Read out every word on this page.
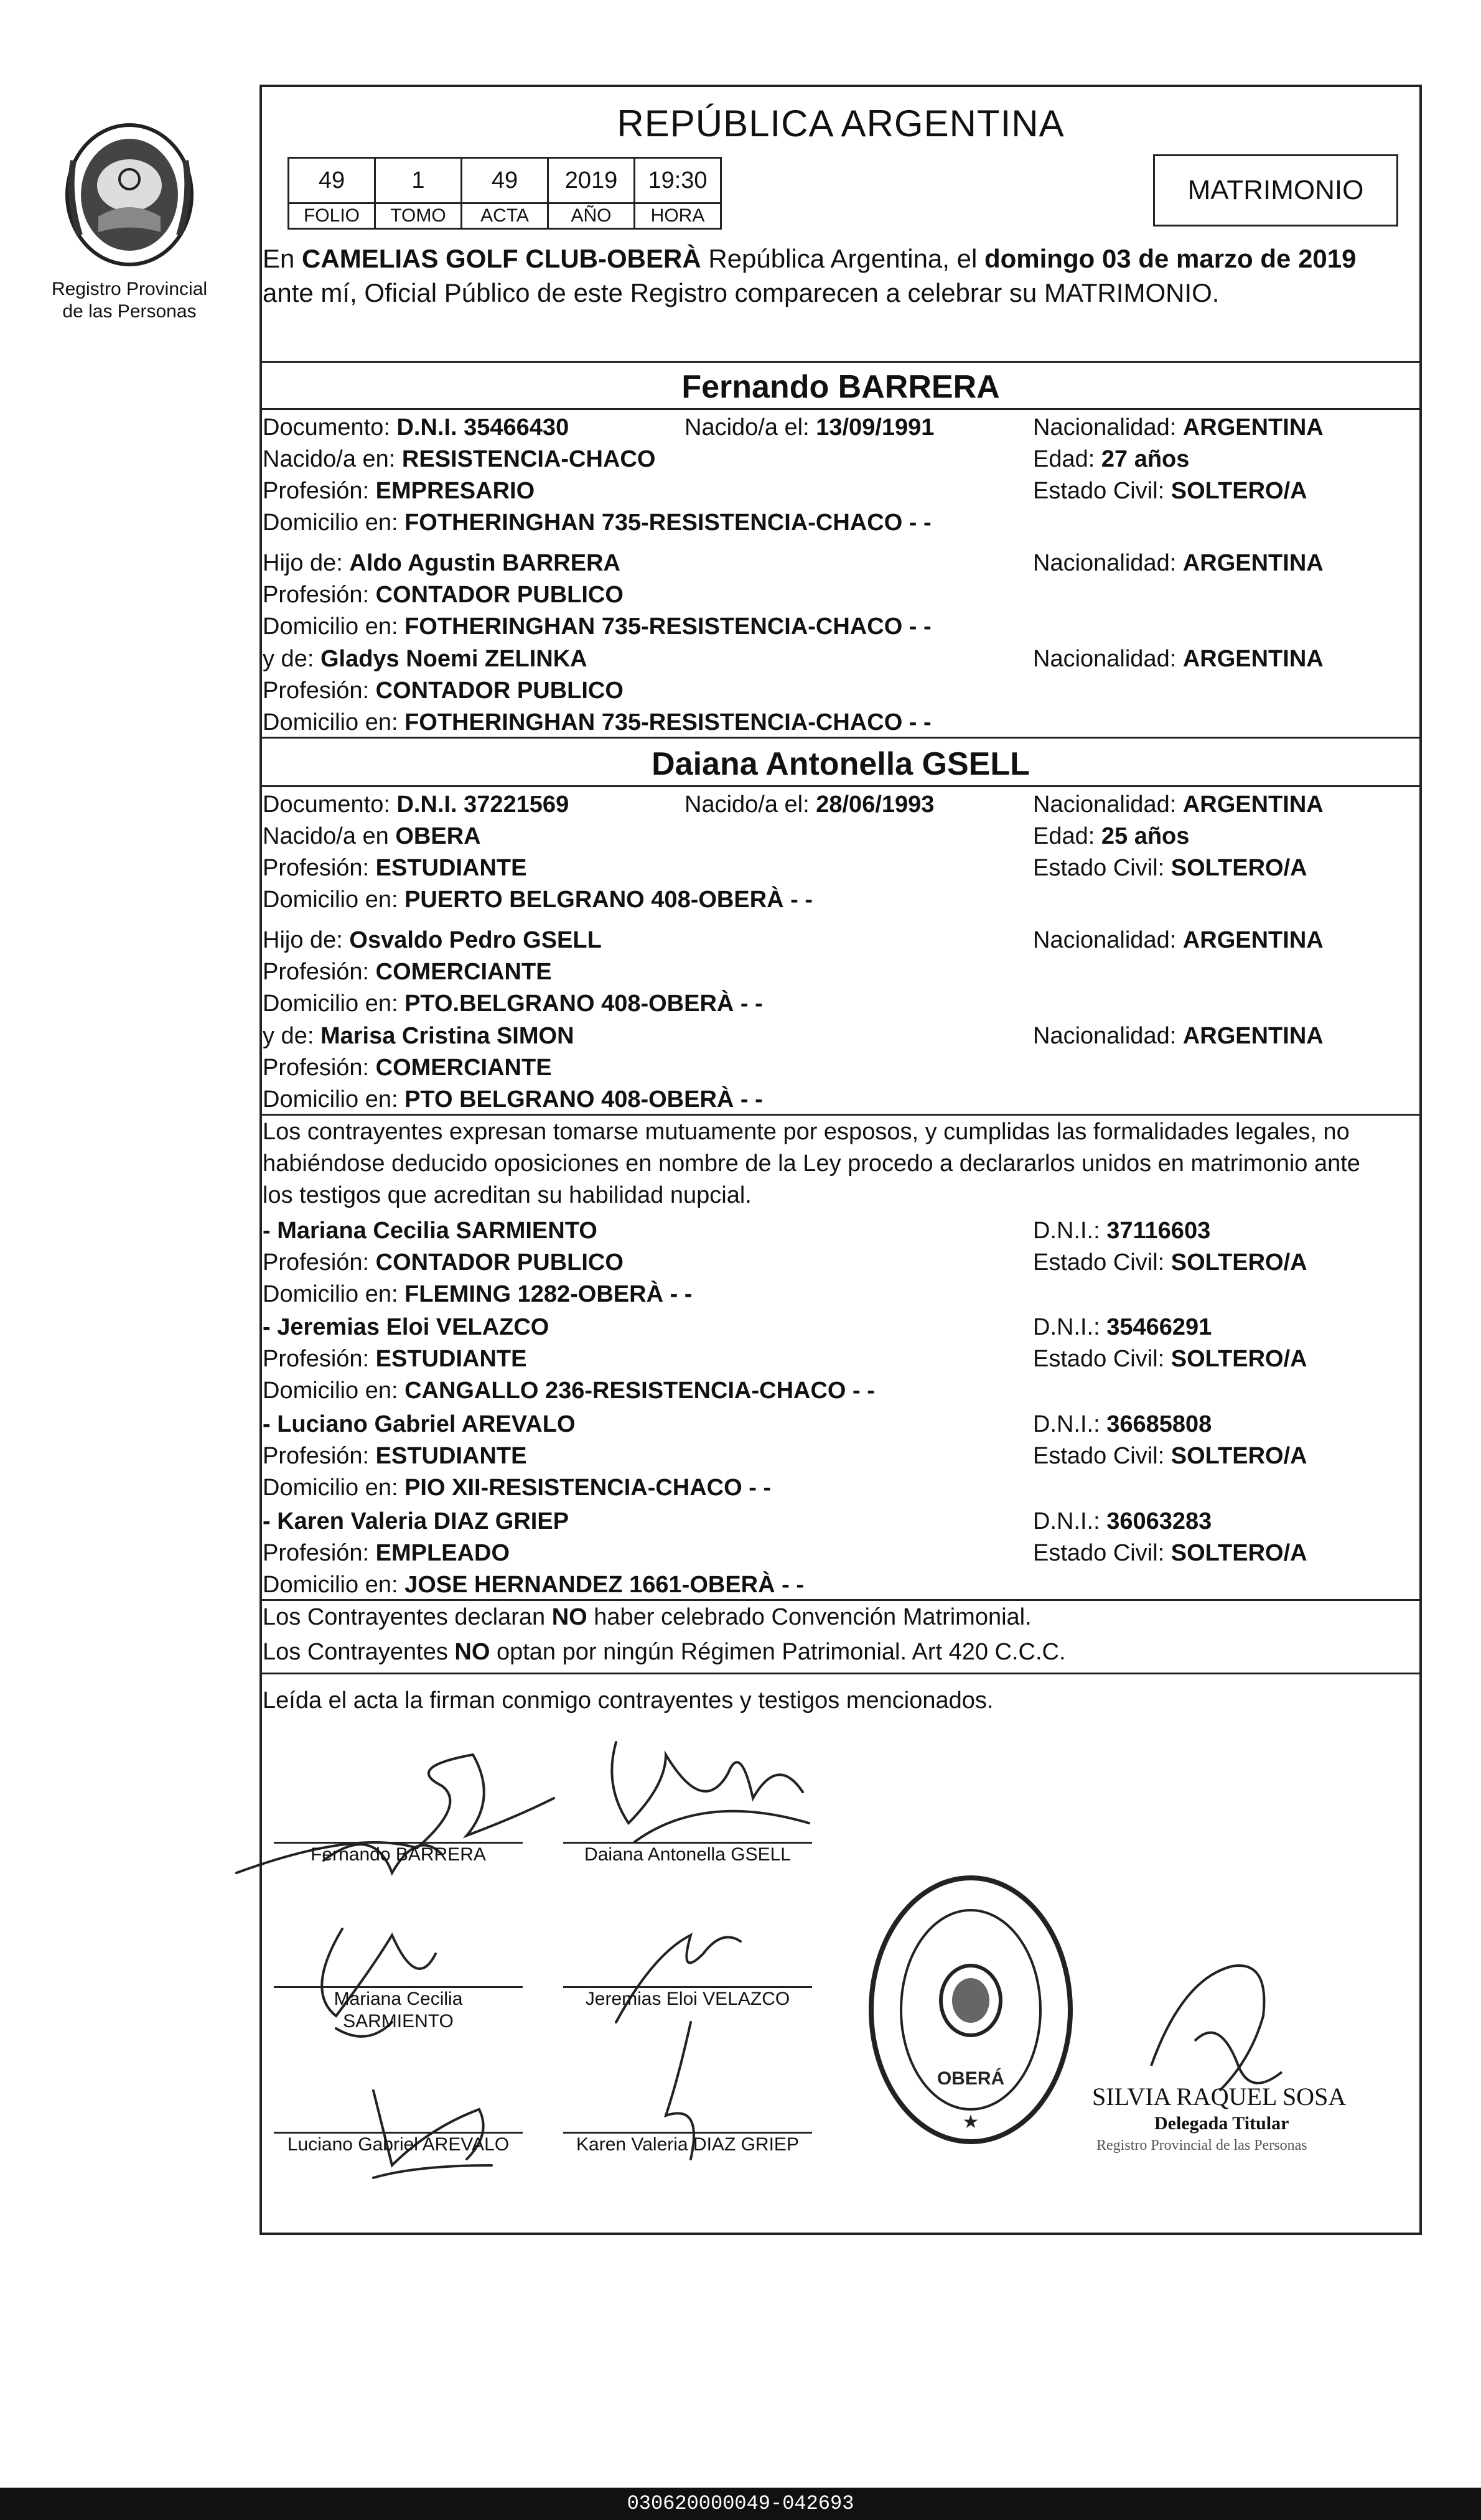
Registro Provincial
de las Personas
REPÚBLICA ARGENTINA
49	1	49	2019	19:30
FOLIO	TOMO	ACTA	AÑO	HORA
MATRIMONIO
En CAMELIAS GOLF CLUB-OBERÀ República Argentina, el domingo 03 de marzo de 2019
ante mí, Oficial Público de este Registro comparecen a celebrar su MATRIMONIO.
Fernando BARRERA
Documento: D.N.I. 35466430	Nacido/a el: 13/09/1991	Nacionalidad: ARGENTINA
Nacido/a en: RESISTENCIA-CHACO	Edad: 27 años
Profesión: EMPRESARIO	Estado Civil: SOLTERO/A
Domicilio en: FOTHERINGHAN 735-RESISTENCIA-CHACO - -
Hijo de: Aldo Agustin BARRERA	Nacionalidad: ARGENTINA
Profesión: CONTADOR PUBLICO
Domicilio en: FOTHERINGHAN 735-RESISTENCIA-CHACO - -
y de: Gladys Noemi ZELINKA	Nacionalidad: ARGENTINA
Profesión: CONTADOR PUBLICO
Domicilio en: FOTHERINGHAN 735-RESISTENCIA-CHACO - -
Daiana Antonella GSELL
Documento: D.N.I. 37221569	Nacido/a el: 28/06/1993	Nacionalidad: ARGENTINA
Nacido/a en OBERA	Edad: 25 años
Profesión: ESTUDIANTE	Estado Civil: SOLTERO/A
Domicilio en: PUERTO BELGRANO 408-OBERÀ - -
Hijo de: Osvaldo Pedro GSELL	Nacionalidad: ARGENTINA
Profesión: COMERCIANTE
Domicilio en: PTO.BELGRANO 408-OBERÀ - -
y de: Marisa Cristina SIMON	Nacionalidad: ARGENTINA
Profesión: COMERCIANTE
Domicilio en: PTO BELGRANO 408-OBERÀ - -
Los contrayentes expresan tomarse mutuamente por esposos, y cumplidas las formalidades legales, no
habiéndose deducido oposiciones en nombre de la Ley procedo a declararlos unidos en matrimonio ante
los testigos que acreditan su habilidad nupcial.
- Mariana Cecilia SARMIENTO	D.N.I.: 37116603
Profesión: CONTADOR PUBLICO	Estado Civil: SOLTERO/A
Domicilio en: FLEMING 1282-OBERÀ - -
- Jeremias Eloi VELAZCO	D.N.I.: 35466291
Profesión: ESTUDIANTE	Estado Civil: SOLTERO/A
Domicilio en: CANGALLO 236-RESISTENCIA-CHACO - -
- Luciano Gabriel AREVALO	D.N.I.: 36685808
Profesión: ESTUDIANTE	Estado Civil: SOLTERO/A
Domicilio en: PIO XII-RESISTENCIA-CHACO - -
- Karen Valeria DIAZ GRIEP	D.N.I.: 36063283
Profesión: EMPLEADO	Estado Civil: SOLTERO/A
Domicilio en: JOSE HERNANDEZ 1661-OBERÀ - -
Los Contrayentes declaran NO haber celebrado Convención Matrimonial.
Los Contrayentes NO optan por ningún Régimen Patrimonial. Art 420 C.C.C.
Leída el acta la firman conmigo contrayentes y testigos mencionados.
Fernando BARRERA	Daiana Antonella GSELL
Mariana Cecilia
SARMIENTO
Jeremias Eloi VELAZCO
Luciano Gabriel AREVALO	Karen Valeria DIAZ GRIEP
OBERÁ
★
SILVIA RAQUEL SOSA
Delegada Titular
Registro Provincial de las Personas
030620000049-042693
